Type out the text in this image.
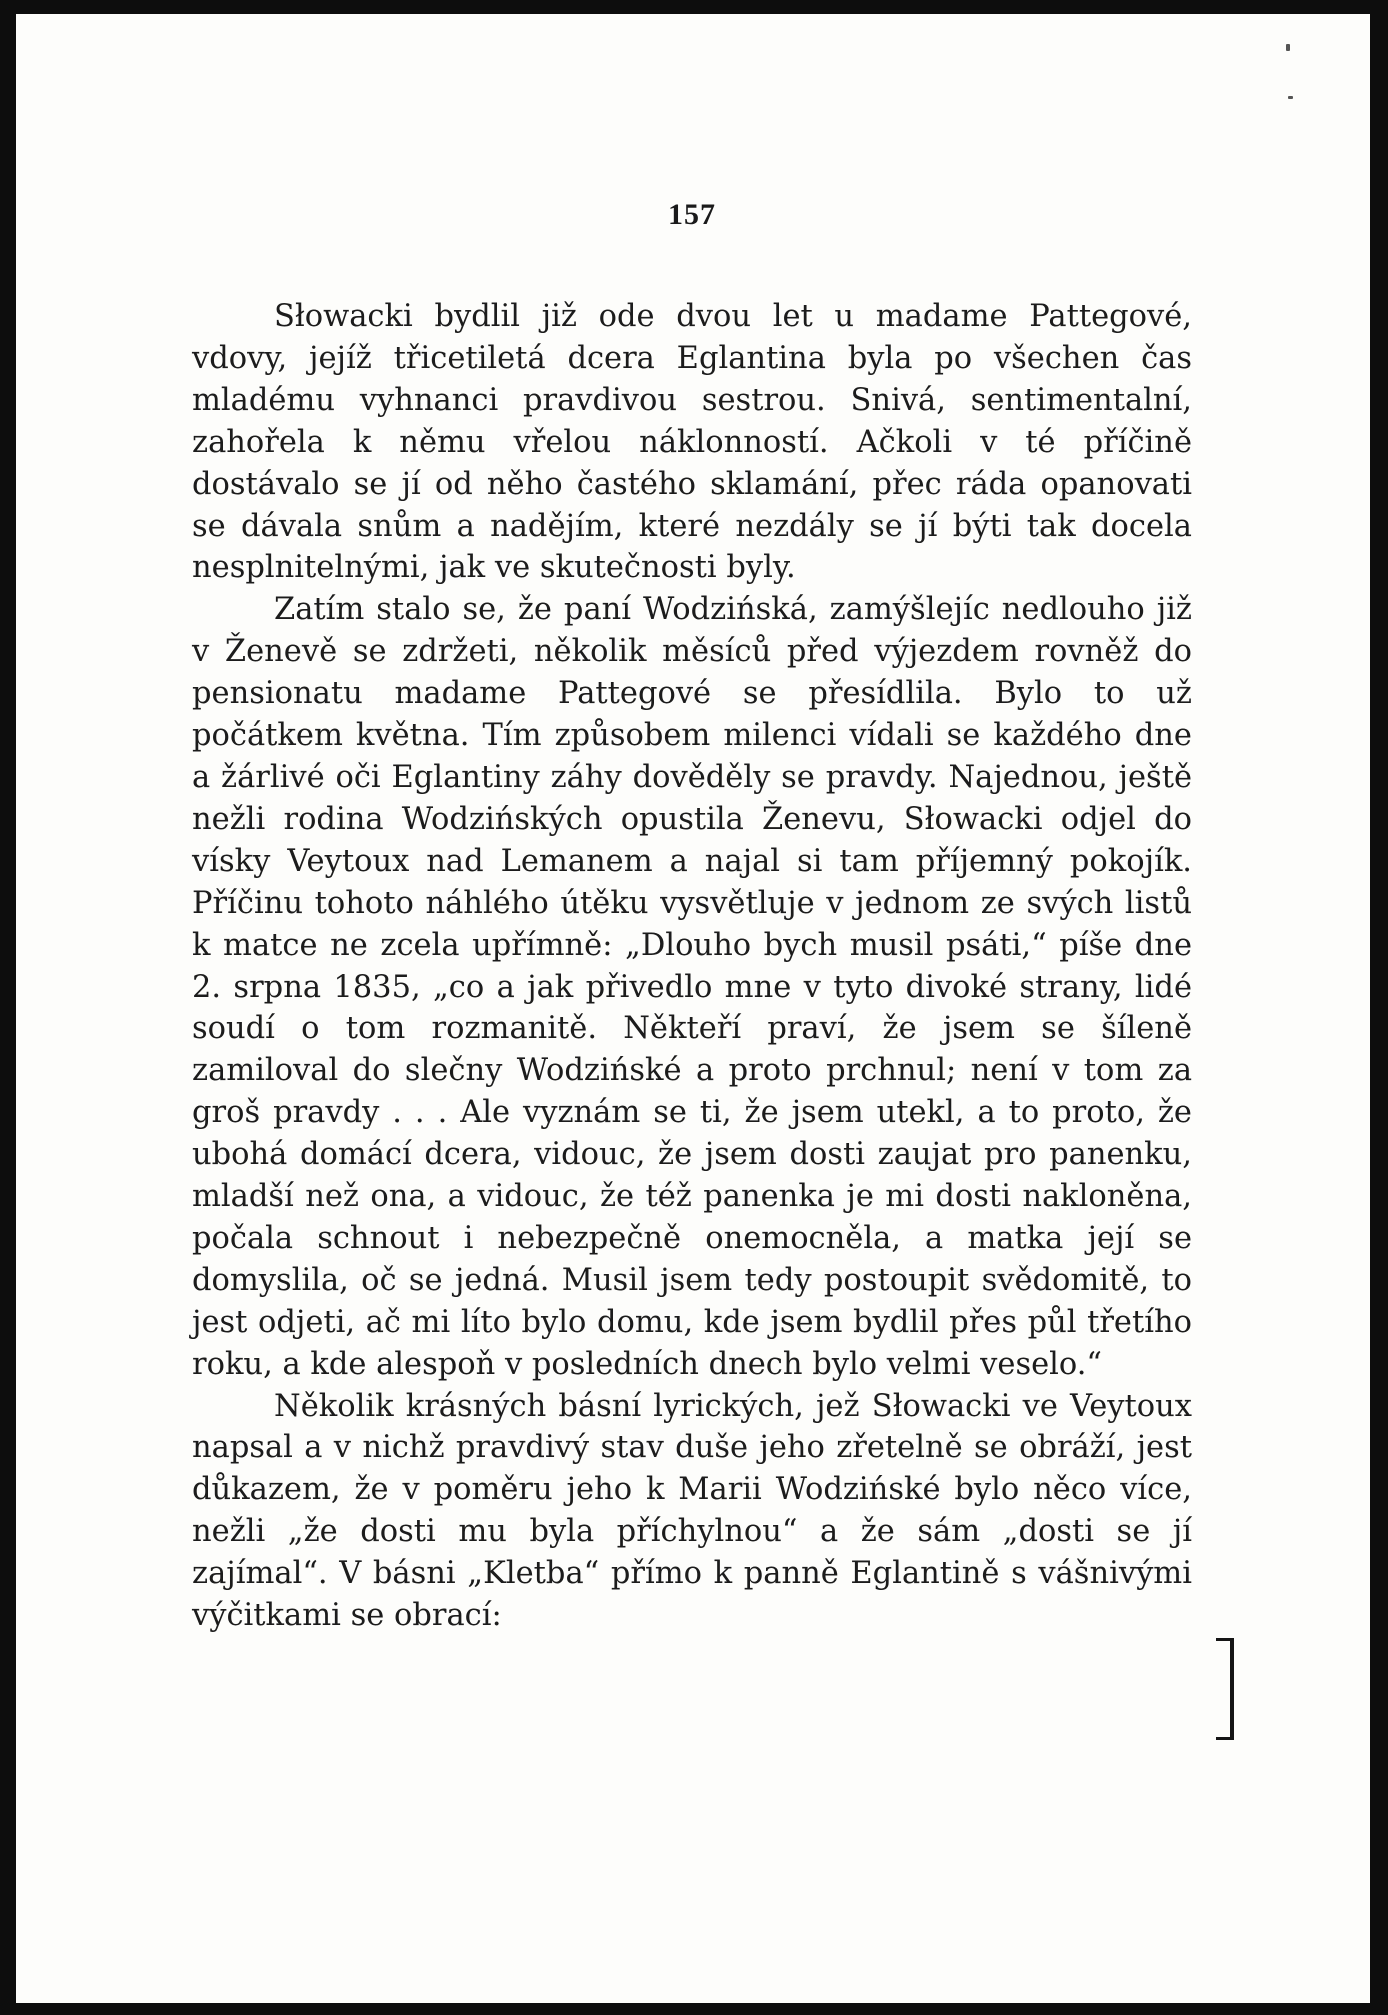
157

Słowacki bydlil již ode dvou let u madame Pattegové, vdovy, jejíž třicetiletá dcera Eglantina byla po všechen čas mladému vyhnanci pravdivou sestrou. Snivá, sentimentalní, zahořela k němu vřelou náklonností. Ačkoli v té příčině dostávalo se jí od něho častého sklamání, přec ráda opanovati se dávala snům a nadějím, které nezdály se jí býti tak docela nesplnitelnými, jak ve skutečnosti byly.

Zatím stalo se, že paní Wodzińská, zamýšlejíc nedlouho již v Ženevě se zdržeti, několik měsíců před výjezdem rovněž do pensionatu madame Pattegové se přesídlila. Bylo to už počátkem května. Tím způsobem milenci vídali se každého dne a žárlivé oči Eglantiny záhy dověděly se pravdy. Najednou, ještě nežli rodina Wodzińských opustila Ženevu, Słowacki odjel do vísky Veytoux nad Lemanem a najal si tam příjemný pokojík. Příčinu tohoto náhlého útěku vysvětluje v jednom ze svých listů k matce ne zcela upřímně: „Dlouho bych musil psáti,“ píše dne 2. srpna 1835, „co a jak přivedlo mne v tyto divoké strany, lidé soudí o tom rozmanitě. Někteří praví, že jsem se šíleně zamiloval do slečny Wodzińské a proto prchnul; není v tom za groš pravdy . . . Ale vyznám se ti, že jsem utekl, a to proto, že ubohá domácí dcera, vidouc, že jsem dosti zaujat pro panenku, mladší než ona, a vidouc, že též panenka je mi dosti nakloněna, počala schnout i nebezpečně onemocněla, a matka její se domyslila, oč se jedná. Musil jsem tedy postoupit svědomitě, to jest odjeti, ač mi líto bylo domu, kde jsem bydlil přes půl třetího roku, a kde alespoň v posledních dnech bylo velmi veselo.“

Několik krásných básní lyrických, jež Słowacki ve Veytoux napsal a v nichž pravdivý stav duše jeho zřetelně se obráží, jest důkazem, že v poměru jeho k Marii Wodzińské bylo něco více, nežli „že dosti mu byla příchylnou“ a že sám „dosti se jí zajímal“. V básni „Kletba“ přímo k panně Eglantině s vášnivými výčitkami se obrací:
